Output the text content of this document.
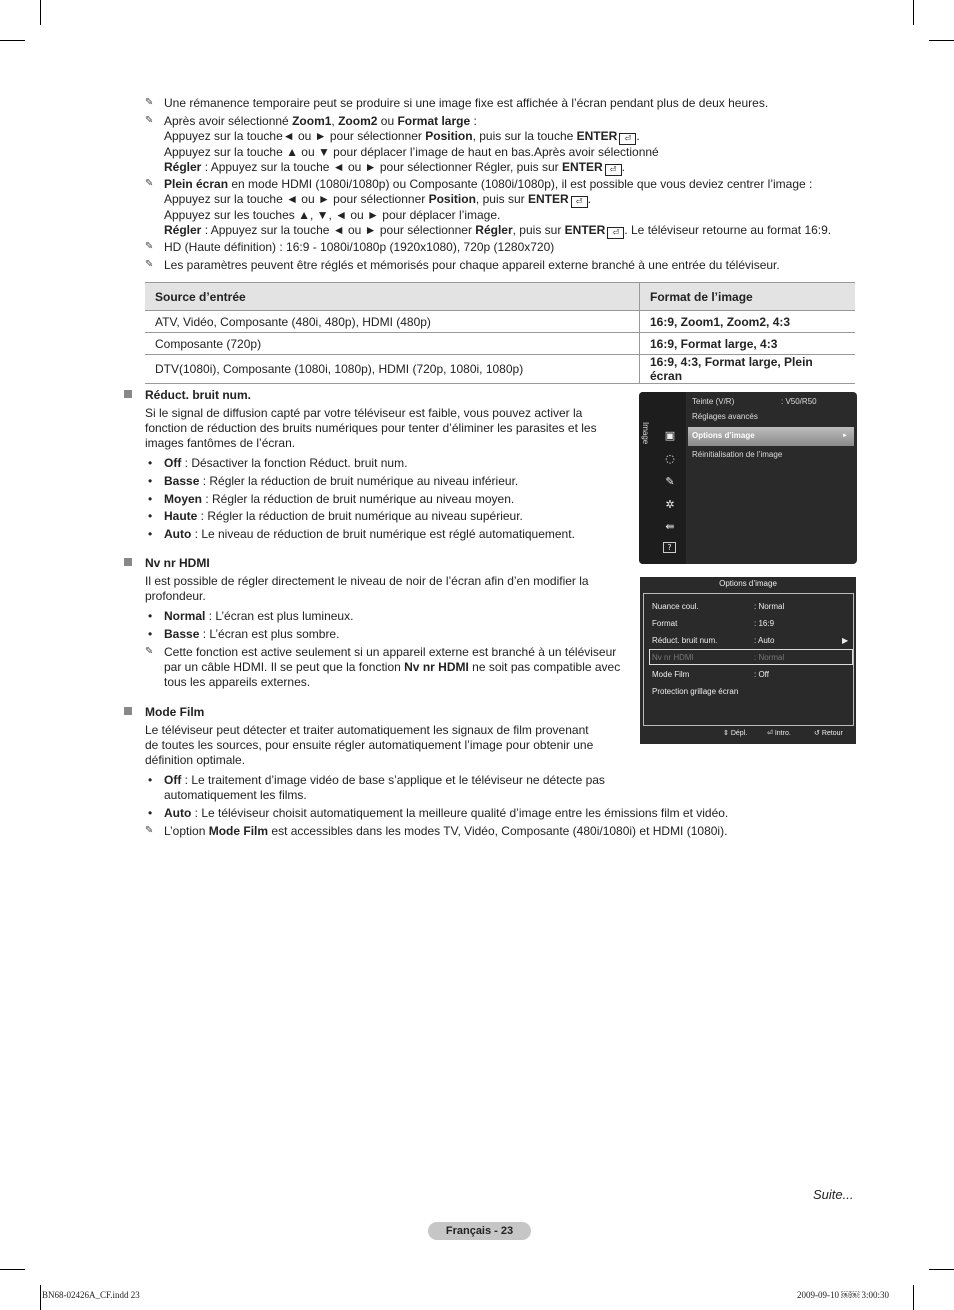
✎ Une rémanence temporaire peut se produire si une image fixe est affichée à l’écran pendant plus de deux heures.
✎ Après avoir sélectionné Zoom1, Zoom2 ou Format large :
Appuyez sur la touche◄ ou ► pour sélectionner Position, puis sur la touche ENTER ⏎ .
Appuyez sur la touche ▲ ou ▼ pour déplacer l’image de haut en bas.Après avoir sélectionné
Régler : Appuyez sur la touche ◄ ou ► pour sélectionner Régler, puis sur ENTER ⏎ .
✎ Plein écran en mode HDMI (1080i/1080p) ou Composante (1080i/1080p), il est possible que vous deviez centrer l’image :
Appuyez sur la touche ◄ ou ► pour sélectionner Position, puis sur ENTER ⏎ .
Appuyez sur les touches ▲, ▼, ◄ ou ► pour déplacer l’image.
Régler : Appuyez sur la touche ◄ ou ► pour sélectionner Régler, puis sur ENTER ⏎ . Le téléviseur retourne au format 16:9.
✎ HD (Haute définition) : 16:9 - 1080i/1080p (1920x1080), 720p (1280x720)
✎ Les paramètres peuvent être réglés et mémorisés pour chaque appareil externe branché à une entrée du téléviseur.
Source d’entrée	Format de l’image
ATV, Vidéo, Composante (480i, 480p), HDMI (480p)	16:9, Zoom1, Zoom2, 4:3
Composante (720p)	16:9, Format large, 4:3
DTV(1080i), Composante (1080i, 1080p), HDMI (720p, 1080i, 1080p)	16:9, 4:3, Format large, Plein écran
Réduct. bruit num.
Si le signal de diffusion capté par votre téléviseur est faible, vous pouvez activer la fonction de réduction des bruits numériques pour tenter d’éliminer les parasites et les images fantômes de l’écran.
• Off : Désactiver la fonction Réduct. bruit num.
• Basse : Régler la réduction de bruit numérique au niveau inférieur.
• Moyen : Régler la réduction de bruit numérique au niveau moyen.
• Haute : Régler la réduction de bruit numérique au niveau supérieur.
• Auto : Le niveau de réduction de bruit numérique est réglé automatiquement.
Nv nr HDMI
Il est possible de régler directement le niveau de noir de l’écran afin d’en modifier la profondeur.
• Normal : L’écran est plus lumineux.
• Basse : L’écran est plus sombre.
✎ Cette fonction est active seulement si un appareil externe est branché à un téléviseur
par un câble HDMI. Il se peut que la fonction Nv nr HDMI ne soit pas compatible avec
tous les appareils externes.
Mode Film
Le téléviseur peut détecter et traiter automatiquement les signaux de film provenant
de toutes les sources, pour ensuite régler automatiquement l’image pour obtenir une
définition optimale.
• Off : Le traitement d’image vidéo de base s’applique et le téléviseur ne détecte pas
automatiquement les films.
• Auto : Le téléviseur choisit automatiquement la meilleure qualité d’image entre les émissions film et vidéo.
✎ L’option Mode Film est accessibles dans les modes TV, Vidéo, Composante (480i/1080i) et HDMI (1080i).
Image ▣
◌
✎
✲
⇚
?
Teinte (V/R)	: V50/R50
Réglages avancés
Options d’image	►
Réinitialisation de l’image
Options d’image
Nuance coul.	: Normal
Format	: 16:9
Réduct. bruit num.	: Auto	▶
Nv nr HDMI	: Normal
Mode Film	: Off
Protection grillage écran
⇕ Dépl.	⏎ Intro.	↺ Retour
Suite...
Français - 23
BN68-02426A_CF.indd 23	2009-09-10 ￼￼ 3:00:30
